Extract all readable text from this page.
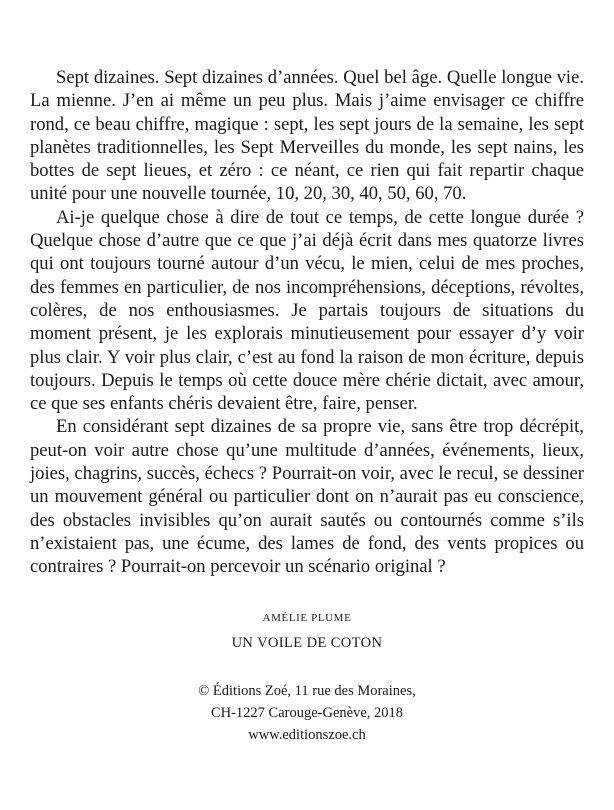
Sept dizaines. Sept dizaines d’années. Quel bel âge. Quelle longue vie. La mienne. J’en ai même un peu plus. Mais j’aime envisager ce chiffre rond, ce beau chiffre, magique : sept, les sept jours de la semaine, les sept planètes traditionnelles, les Sept Merveilles du monde, les sept nains, les bottes de sept lieues, et zéro : ce néant, ce rien qui fait repartir chaque unité pour une nouvelle tournée, 10, 20, 30, 40, 50, 60, 70.

Ai-je quelque chose à dire de tout ce temps, de cette longue durée ? Quelque chose d’autre que ce que j’ai déjà écrit dans mes quatorze livres qui ont toujours tourné autour d’un vécu, le mien, celui de mes proches, des femmes en particulier, de nos incompréhensions, déceptions, révoltes, colères, de nos enthousiasmes. Je partais toujours de situations du moment présent, je les explorais minutieusement pour essayer d’y voir plus clair. Y voir plus clair, c’est au fond la raison de mon écriture, depuis toujours. Depuis le temps où cette douce mère chérie dictait, avec amour, ce que ses enfants chéris devaient être, faire, penser.

En considérant sept dizaines de sa propre vie, sans être trop décrépit, peut-on voir autre chose qu’une multitude d’années, événements, lieux, joies, chagrins, succès, échecs ? Pourrait-on voir, avec le recul, se dessiner un mouvement général ou particulier dont on n’aurait pas eu conscience, des obstacles invisibles qu’on aurait sautés ou contournés comme s’ils n’existaient pas, une écume, des lames de fond, des vents propices ou contraires ? Pourrait-on percevoir un scénario original ?

AMÉLIE PLUME

UN VOILE DE COTON

© Éditions Zoé, 11 rue des Moraines,
CH-1227 Carouge-Genève, 2018
www.editionszoe.ch
